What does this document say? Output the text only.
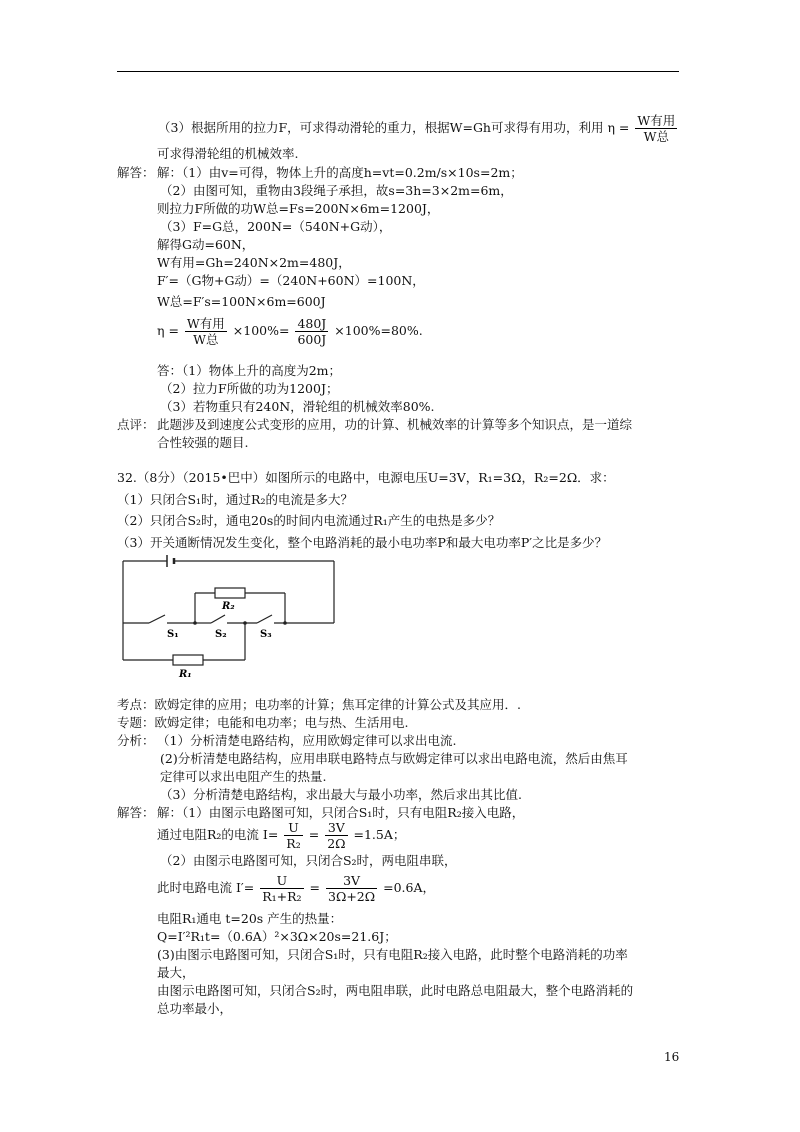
（3）根据所用的拉力F，可求得动滑轮的重力，根据W=Gh可求得有用功，利用 $\eta = \frac{\text{W有用}}{\text{W总}}$
可求得滑轮组的机械效率.
解答： 解：（1）由v=可得，物体上升的高度h=vt=0.2m/s×10s=2m；
（2）由图可知，重物由3段绳子承担，故s=3h=3×2m=6m，
则拉力F所做的功W总=Fs=200N×6m=1200J，
（3）F=G总，200N=（540N+G动），
解得G动=60N，
W有用=Gh=240N×2m=480J，
F′=（G物+G动）=（240N+60N）=100N，
W总=F′s=100N×6m=600J
$\eta = \frac{\text{W有用}}{\text{W总}} \times 100\%= \frac{480J}{600J} \times 100\%=80\%$.
答：（1）物体上升的高度为2m；
（2）拉力F所做的功为1200J；
（3）若物重只有240N，滑轮组的机械效率80%.
点评： 此题涉及到速度公式变形的应用，功的计算、机械效率的计算等多个知识点，是一道综
合性较强的题目.
32.（8分）（2015•巴中）如图所示的电路中，电源电压U=3V，R₁=3Ω，R₂=2Ω．求：
（1）只闭合S₁时，通过R₂的电流是多大？
（2）只闭合S₂时，通电20s的时间内电流通过R₁产生的电热是多少？
（3）开关通断情况发生变化，整个电路消耗的最小电功率P和最大电功率P′之比是多少？
R₂
R₁
S₁	S₂	S₃
考点：欧姆定律的应用；电功率的计算；焦耳定律的计算公式及其应用．.
专题：欧姆定律；电能和电功率；电与热、生活用电.
分析： （1）分析清楚电路结构，应用欧姆定律可以求出电流.
(2)分析清楚电路结构，应用串联电路特点与欧姆定律可以求出电路电流，然后由焦耳
定律可以求出电阻产生的热量.
（3）分析清楚电路结构，求出最大与最小功率，然后求出其比值.
解答： 解：（1）由图示电路图可知，只闭合S₁时，只有电阻R₂接入电路，
通过电阻R₂的电流 $I= \frac{U}{\text{R₂}} = \frac{3V}{2\Omega} =1.5A$；
（2）由图示电路图可知，只闭合S₂时，两电阻串联，
此时电路电流 $I'= \frac{U}{\text{R₁+R₂}} = \frac{3V}{3\Omega+2\Omega} =0.6A$，
电阻R₁通电 t=20s 产生的热量：
Q=I′²R₁t=（0.6A）²×3Ω×20s=21.6J；
(3)由图示电路图可知，只闭合S₁时，只有电阻R₂接入电路，此时整个电路消耗的功率
最大，
由图示电路图可知，只闭合S₂时，两电阻串联，此时电路总电阻最大，整个电路消耗的
总功率最小，
16
